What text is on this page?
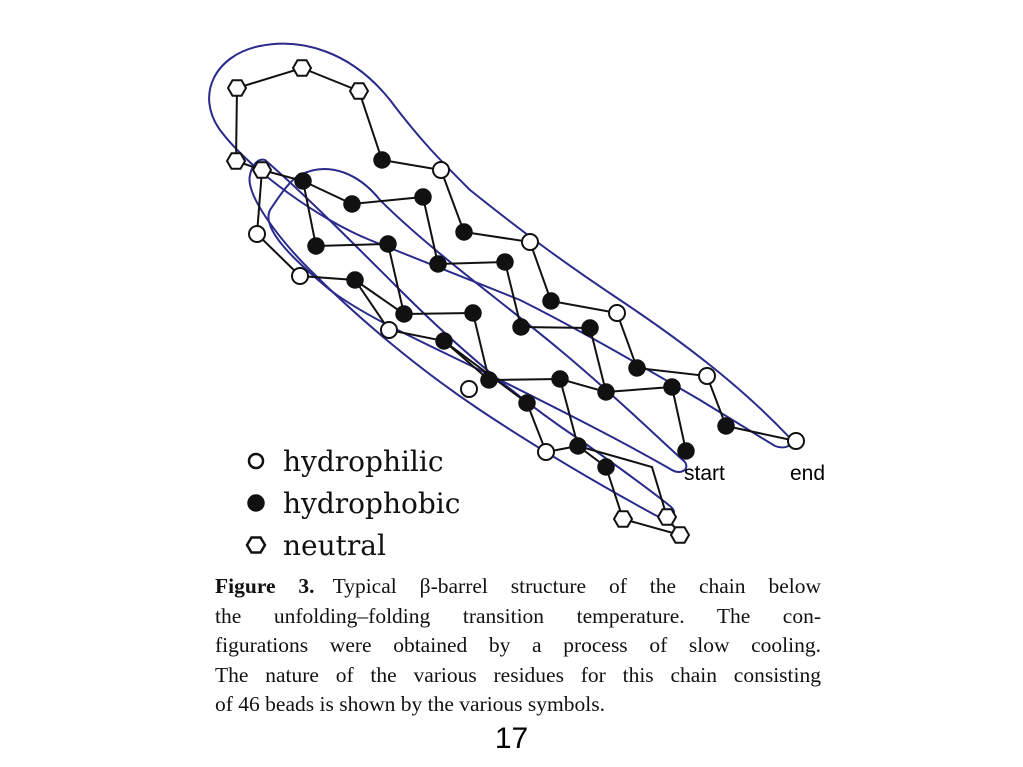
start	end
hydrophilic
hydrophobic
neutral
Figure 3. Typical β-barrel structure of the chain below
the unfolding–folding transition temperature. The con-
figurations were obtained by a process of slow cooling.
The nature of the various residues for this chain consisting
of 46 beads is shown by the various symbols.
17
